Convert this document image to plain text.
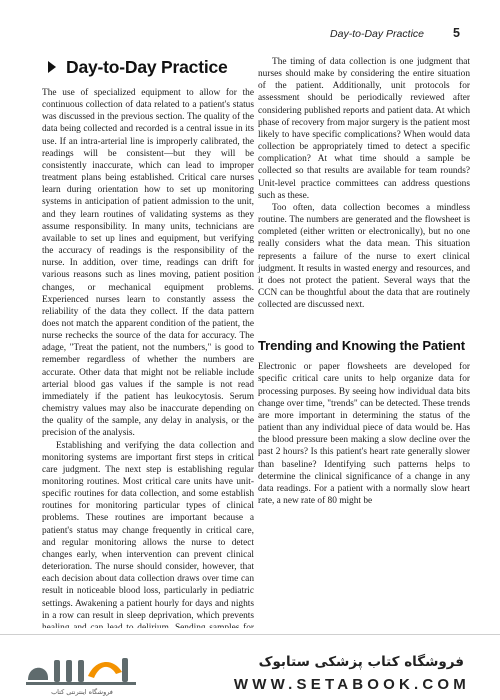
Day-to-Day Practice 5
Day-to-Day Practice

The use of specialized equipment to allow for the continuous collection of data related to a patient's status was discussed in the previous section. The quality of the data being collected and recorded is a central issue in its use. If an intra-arterial line is improperly calibrated, the readings will be consistent—but they will be consistently inaccurate, which can lead to improper treatment plans being established. Critical care nurses learn during orientation how to set up monitoring systems in anticipation of patient admission to the unit, and they learn routines of validating systems as they assume responsibility. In many units, technicians are available to set up lines and equipment, but verifying the accuracy of readings is the responsibility of the nurse. In addition, over time, readings can drift for various reasons such as lines moving, patient position changes, or mechanical equipment problems. Experienced nurses learn to constantly assess the reliability of the data they collect. If the data pattern does not match the apparent condition of the patient, the nurse rechecks the source of the data for accuracy. The adage, "Treat the patient, not the numbers," is good to remember regardless of whether the numbers are accurate. Other data that might not be reliable include arterial blood gas values if the sample is not read immediately if the patient has leukocytosis. Serum chemistry values may also be inaccurate depending on the quality of the sample, any delay in analysis, or the precision of the analysis.

Establishing and verifying the data collection and monitoring systems are important first steps in critical care judgment. The next step is establishing regular monitoring routines. Most critical care units have unit-specific routines for data collection, and some establish routines for monitoring particular types of clinical problems. These routines are important because a patient's status may change frequently in critical care, and regular monitoring allows the nurse to detect changes early, when intervention can prevent clinical deterioration. The nurse should consider, however, that each decision about data collection draws over time can result in noticeable blood loss, particularly in pediatric settings. Awakening a patient hourly for days and nights in a row can result in sleep deprivation, which prevents

The timing of data collection is one judgment that nurses should make by considering the entire situation of the patient. Additionally, unit protocols for assessment should be periodically reviewed after considering published reports and patient data. At which phase of recovery from major surgery is the patient most likely to have specific complications? When would data collection be appropriately timed to detect a specific complication? At what time should a sample be collected so that results are available for team rounds? Unit-level practice committees can address questions such as these.

Too often, data collection becomes a mindless routine. The numbers are generated and the flowsheet is completed (either written or electronically), but no one really considers what the data mean. This situation represents a failure of the nurse to exert clinical judgment. It results in wasted energy and resources, and it does not protect the patient. Several ways that the CCN can be thoughtful about the data that are routinely collected are discussed next.

Trending and Knowing the Patient

Electronic or paper flowsheets are developed for specific critical care units to help organize data for processing purposes. By seeing how individual data bits change over time, "trends" can be detected. These trends are more important in determining the status of the patient than any individual piece of data would be. Has the blood pressure been making a slow decline over the past 2 hours? Is this patient's heart rate generally slower than baseline? Identifying such patterns helps to determine the clinical significance of a change in any data readings. For a patient with a normally slow heart rate, a new rate of 80 might be

فروشگاه اینترنتی کتاب
فروشگاه کتاب پزشکی ستابوک
WWW.SETABOOK.COM
